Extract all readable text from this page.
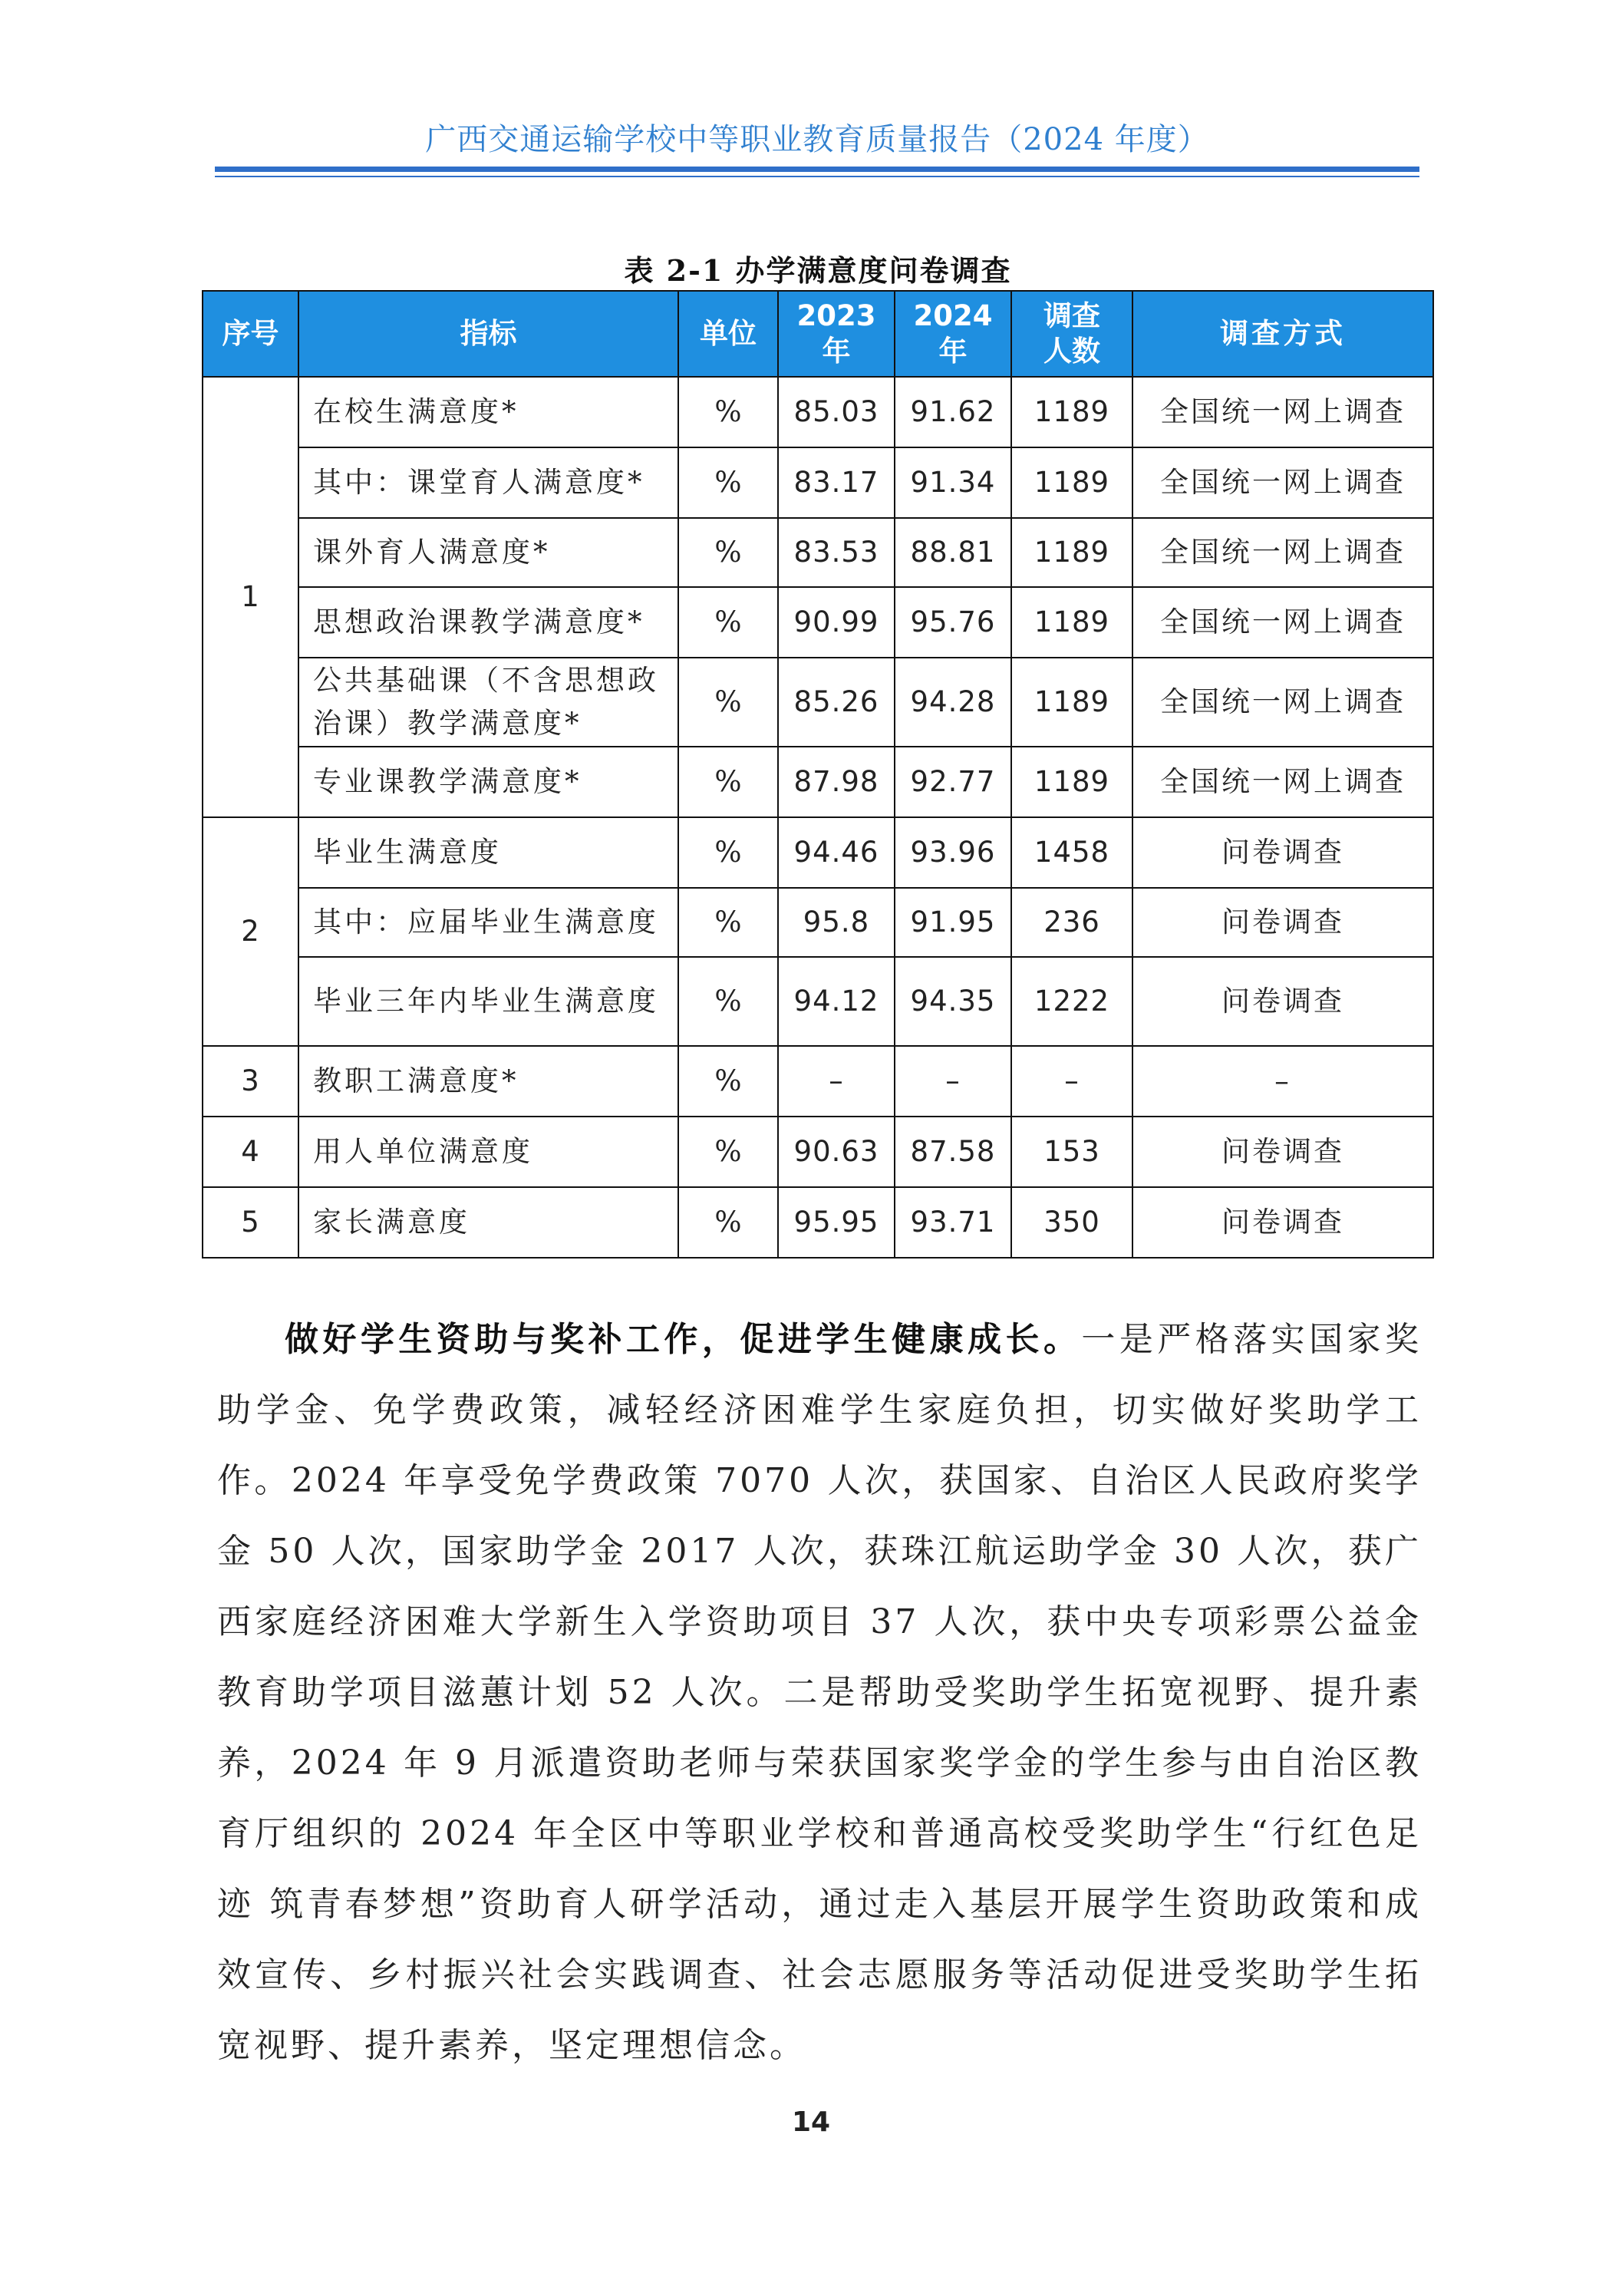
广西交通运输学校中等职业教育质量报告（2024 年度）
表 2-1 办学满意度问卷调查
序号	指标	单位	2023 年	2024 年	调查人数	调查方式
1	在校生满意度*	%	85.03	91.62	1189	全国统一网上调查
	其中：课堂育人满意度*	%	83.17	91.34	1189	全国统一网上调查
	课外育人满意度*	%	83.53	88.81	1189	全国统一网上调查
	思想政治课教学满意度*	%	90.99	95.76	1189	全国统一网上调查
	公共基础课（不含思想政治课）教学满意度*	%	85.26	94.28	1189	全国统一网上调查
	专业课教学满意度*	%	87.98	92.77	1189	全国统一网上调查
2	毕业生满意度	%	94.46	93.96	1458	问卷调查
	其中：应届毕业生满意度	%	95.8	91.95	236	问卷调查
	毕业三年内毕业生满意度	%	94.12	94.35	1222	问卷调查
3	教职工满意度*	%	–	–	–	–
4	用人单位满意度	%	90.63	87.58	153	问卷调查
5	家长满意度	%	95.95	93.71	350	问卷调查

做好学生资助与奖补工作，促进学生健康成长。一是严格落实国家奖助学金、免学费政策，减轻经济困难学生家庭负担，切实做好奖助学工作。2024 年享受免学费政策 7070 人次，获国家、自治区人民政府奖学金 50 人次，国家助学金 2017 人次，获珠江航运助学金 30 人次，获广西家庭经济困难大学新生入学资助项目 37 人次，获中央专项彩票公益金教育助学项目滋蕙计划 52 人次。二是帮助受奖助学生拓宽视野、提升素养，2024 年 9 月派遣资助老师与荣获国家奖学金的学生参与由自治区教育厅组织的 2024 年全区中等职业学校和普通高校受奖助学生“行红色足迹 筑青春梦想”资助育人研学活动，通过走入基层开展学生资助政策和成效宣传、乡村振兴社会实践调查、社会志愿服务等活动促进受奖助学生拓宽视野、提升素养，坚定理想信念。

14
